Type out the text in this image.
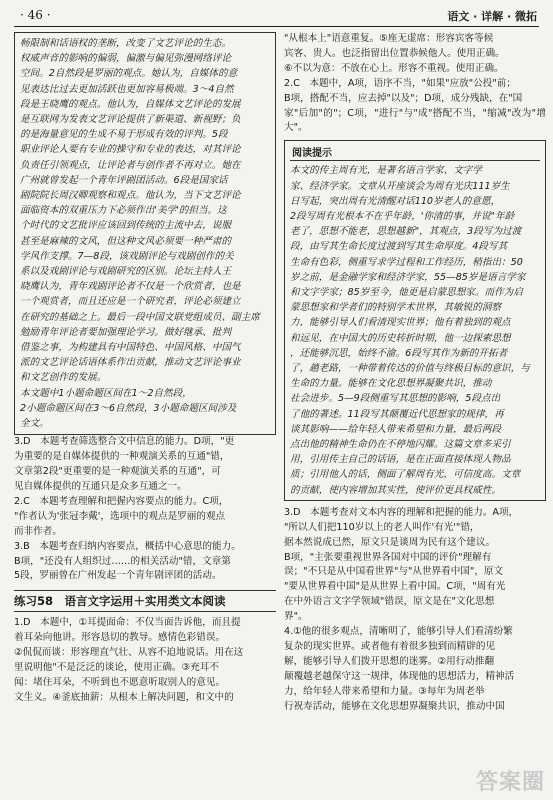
· 46 ·	语文 · 详解 · 微拓

畅限制和话语权的垄断，改变了文艺评论的生态。

权威声音的影响的偏弱，偏激与偏见弥漫网络评论

空间。2自然段是罗丽的观点。她认为，自媒体的意

见表达比过去更加活跃也更加容易极端。3～4自然

段是王晓鹰的观点。他认为，自媒体文艺评论的发展

是互联网为发表文艺评论提供了新渠道、新视野；负

的是海量意见的生成不易于形成有效的评判。5段

职业评论人要有专业的操守和专业的表达，对其评论

负责任引领观点，让评论者与创作者不再对立。她在

广州就曾发起一个青年评剧团活动。6段是国家话

剧院院长周汉卿观察和观点。他认为，当下文艺评论

面临资本的双重压力下必须作出'美学'的担当。这

个时代的文艺批评应该回到传统的主流中去，说服

甚至是麻辣的文风，但这种文风必须要一种严肃的

学风作支撑。7—8段，该戏剧评论与戏剧创作的关

系以及戏剧评论与戏剧研究的区别。论坛主持人王

晓鹰认为，青年戏剧评论者不仅是一个欣赏者，也是

一个观赏者，而且还应是一个研究者，评论必须建立

在研究的基础之上。最后一段中国文联党组成员、副主席

勉励青年评论者要加强理论学习。做好继承、批判

借鉴之事，为构建具有中国特色、中国风格、中国气

派的文艺评论话语体系作出贡献，推动文艺评论事业

和文艺创作的发展。

本文题中1小题命题区间在1～2自然段，

2小题命题区间在3～6自然段，3小题命题区间涉及

全文。

3.D　本题考查筛选整合文中信息的能力。D项，"更

为重要的是自媒体提供的一种观演关系的互通"错，

文章第2段"更重要的是一种观演关系的互通"，可

见自媒体提供的互通只是众多互通之一。

2.C　本题考查理解和把握内容要点的能力。C项，

"作者认为'张冠李戴'，选项中的观点是罗丽的观点

而非作者。

3.B　本题考查归纳内容要点，概括中心意思的能力。

B项，"还没有人组织过……的相关活动"错，文章第

5段，罗丽曾在广州发起一个青年剧评团的活动。

练习58　语言文字运用＋实用类文本阅读

1.D　本题中，①耳提面命：不仅当面告诉他，而且提

着耳朵向他讲。形容恳切的教导。感情色彩错误。

②侃侃而谈：形容理直气壮、从容不迫地说话。用在这

里说明他"不是泛泛的谈论，使用正确。③充耳不

闻：堵住耳朵，不听到也不愿意听取别人的意见。

文生义。④釜底抽薪：从根本上解决问题，和文中的

"从根本上"语意重复。⑤座无虚席：形容宾客等候

宾客、贵人。也泛指留出位置恭候他人。使用正确。

⑥不以为意：不放在心上。形容不重视。使用正确。

2.C　本题中，A项，语序不当，"如果"应放"公投"前；

B项，搭配不当，应去掉"以及"；D项，成分残缺，在"国

家"后加"的"；C项，"进行"与"成"搭配不当，"缩减"改为"增大"。

阅读提示

本文的传主周有光，是著名语言学家、文字学

家、经济学家。文章从开座谈会为周有光庆111岁生

日写起，突出周有光清醒对话110岁老人的意愿，

2段写周有光根本不在乎年龄，'你清的事，并说"年龄

老了，思想不能老，思想越新"，其观点，3段写为过渡

段，由写其生命长度过渡到写其生命厚度。4段写其

生命有色彩，侧重写求学过程和工作经历，稍指出：50

岁之前，是金融学家和经济学家，55—85岁是语言学家

和文字学家；85岁至今，他更是启蒙思想家。而作为启

蒙思想家和学者们的特别学术世界，其敏锐的洞察

力，能够引导人们看清现实世界；他有着独到的观点

和远见，在中国大的历史转折时期，他一边探索思想

，还能够沉思，始终不渝。6段写其作为新的开拓者

了，趟老路，一种带着传达的价值与终极目标的意识，与

生命的力量。能够在文化思想界凝聚共识，推动

社会进步。5—9段侧重写其思想的影响，5段点出

了他的著述。11段写其颠覆近代思想家的规律，再

谈其影响——给年轻人带来希望和力量，最后两段

点出他的精神生命仍在不停地闪耀。这篇文章多采引

用，引用传主自己的话语，是在正面直接体现人物品

质；引用他人的话，侧面了解周有光，可信度高。文章

的贡献，使内容增加其实性，使评价更具权威性。

3.D　本题考查对文本内容的理解和把握的能力。A项，

"所以人们把110岁以上的老人叫作'有光'"错，

据本然说成已然，原文只是谈周为民有这个建议。

B项，"主张要重视世界各国对中国的评价"理解有

误；"不只是从中国看世界"与"从世界看中国"，原文

"要从世界看中国"是从世界上看中国。C项，"周有光

在中外语言文字学领域"错误，原文是在"文化思想

界"。

4.①他的很多观点，清晰明了，能够引导人们看清纷繁

复杂的现实世界。或者他有着很多独到而精辟的见

解，能够引导人们拨开思想的迷雾。②用行动推翻

颠覆越老越保守这一规律，体现他的思想活力，精神活

力，给年轻人带来希望和力量。③每年为周老举

行祝寿活动，能够在文化思想界凝聚共识，推动中国

答案圈
